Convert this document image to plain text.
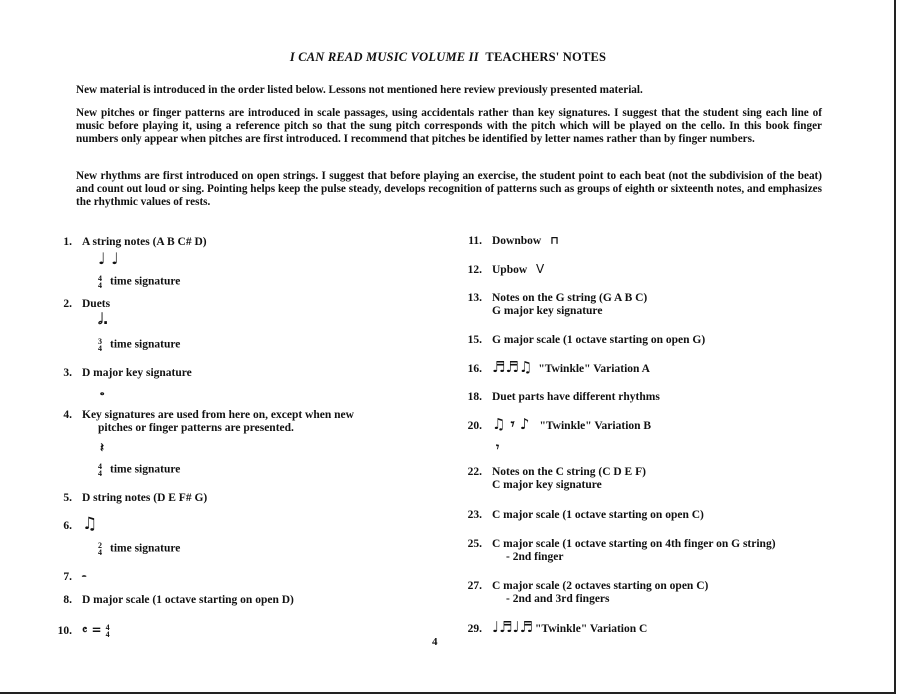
I CAN READ MUSIC VOLUME II TEACHERS' NOTES
New material is introduced in the order listed below. Lessons not mentioned here review previously presented material.
New pitches or finger patterns are introduced in scale passages, using accidentals rather than key signatures. I suggest that the student sing each line of music before playing it, using a reference pitch so that the sung pitch corresponds with the pitch which will be played on the cello. In this book finger numbers only appear when pitches are first introduced. I recommend that pitches be identified by letter names rather than by finger numbers.
New rhythms are first introduced on open strings. I suggest that before playing an exercise, the student point to each beat (not the subdivision of the beat) and count out loud or sing. Pointing helps keep the pulse steady, develops recognition of patterns such as groups of eighth or sixteenth notes, and emphasizes the rhythmic values of rests.
1. A string notes (A B C# D)
♩ ♩
4
4 time signature
2. Duets
𝅗𝅥.
3
4 time signature
3. D major key signature
𝅝
4. Key signatures are used from here on, except when new
pitches or finger patterns are presented.
𝄽
4
4 time signature
5. D string notes (D E F# G)
6. ♫
2
4 time signature
7. 𝄼
8. D major scale (1 octave starting on open D)
10. 𝄴 = 4
4
11. Downbow ⊓
12. Upbow V
13. Notes on the G string (G A B C)
G major key signature
15. G major scale (1 octave starting on open G)
16. ♬♬♫ "Twinkle" Variation A
18. Duet parts have different rhythms
20. ♫ 𝄾 ♪ "Twinkle" Variation B
𝄾
22. Notes on the C string (C D E F)
C major key signature
23. C major scale (1 octave starting on open C)
25. C major scale (1 octave starting on 4th finger on G string)
- 2nd finger
27. C major scale (2 octaves starting on open C)
- 2nd and 3rd fingers
29. ♩♬♩♬ "Twinkle" Variation C
4
